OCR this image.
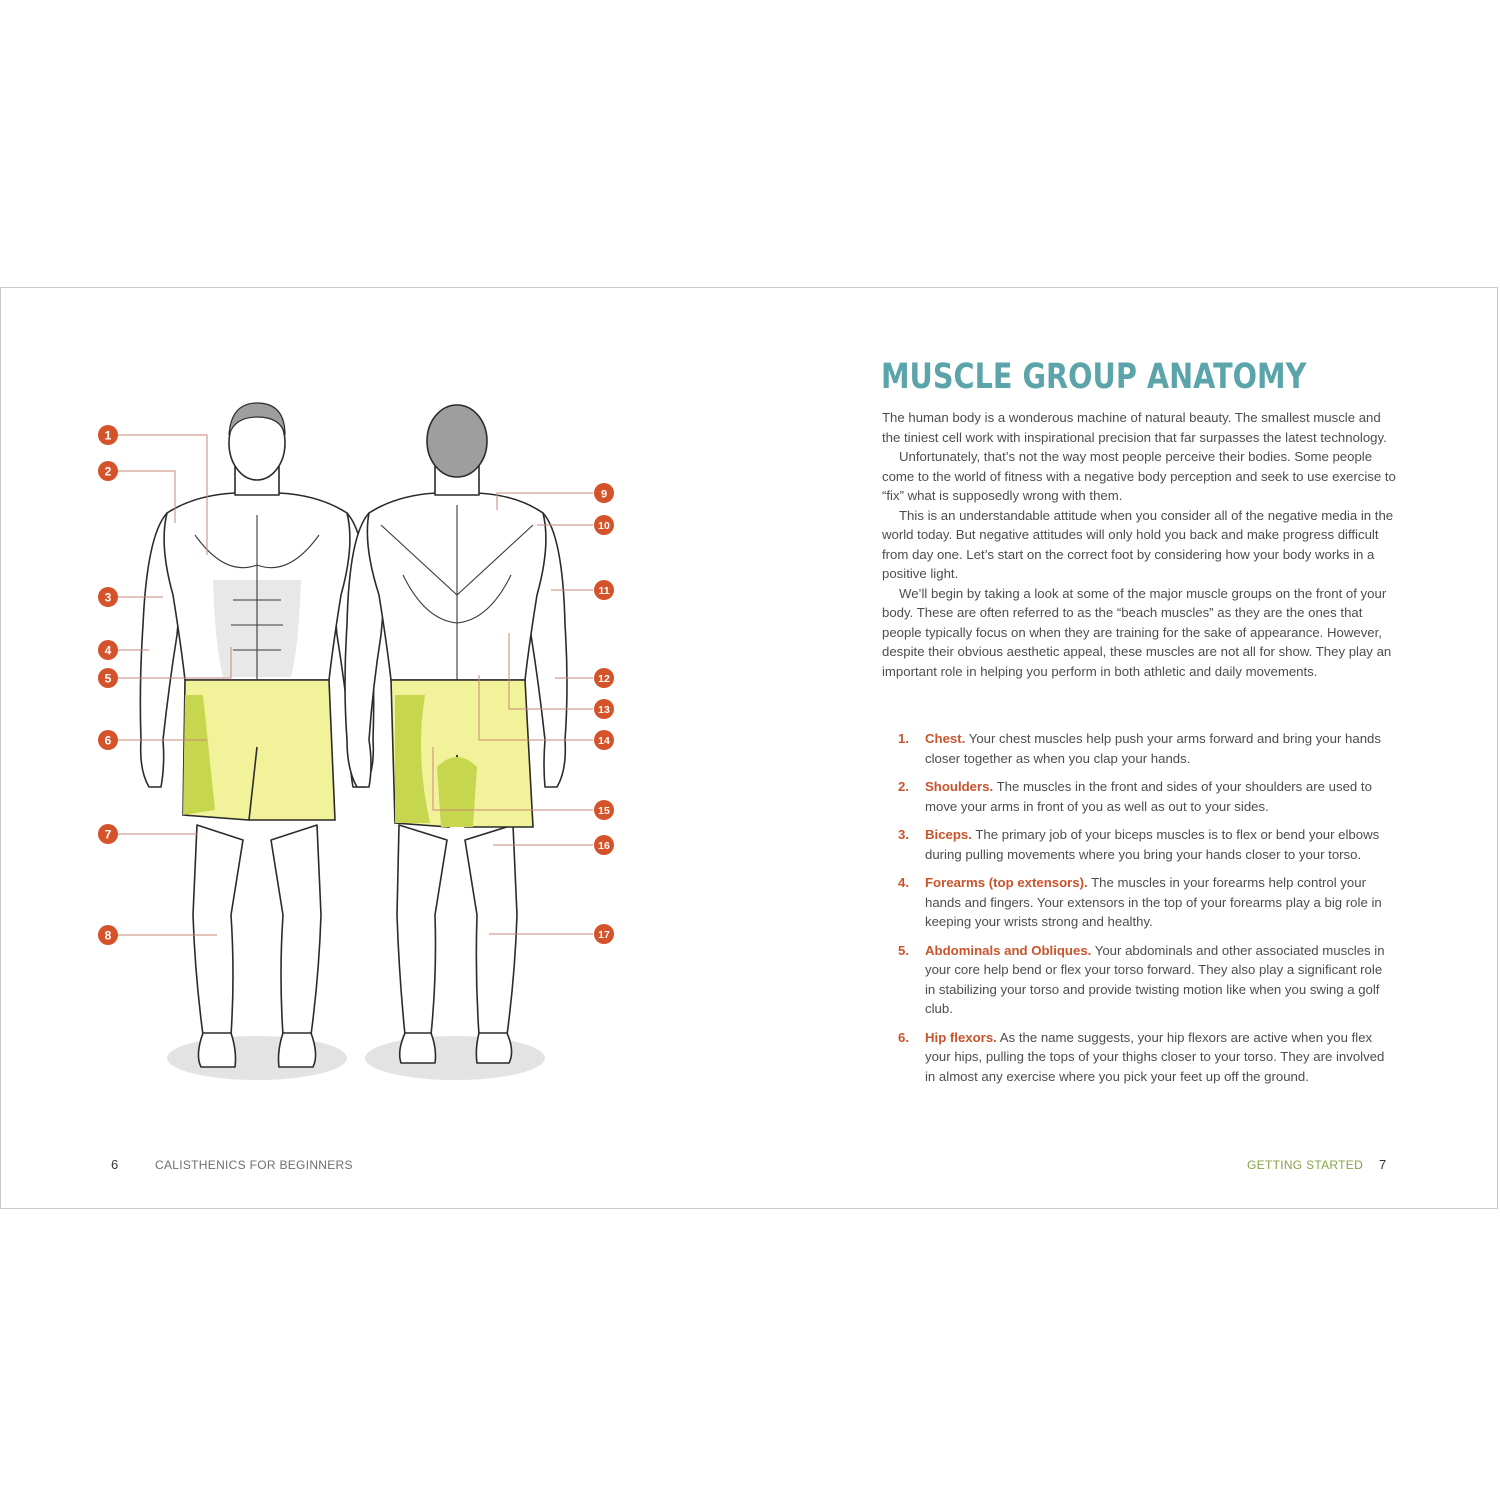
1
2
3
4
5
6
7
8
9
10
11
12
13
14
15
16
17
MUSCLE GROUP ANATOMY

The human body is a wonderous machine of natural beauty. The smallest muscle and the tiniest cell work with inspirational precision that far surpasses the latest technology.

Unfortunately, that’s not the way most people perceive their bodies. Some people come to the world of fitness with a negative body perception and seek to use exercise to “fix” what is supposedly wrong with them.

This is an understandable attitude when you consider all of the negative media in the world today. But negative attitudes will only hold you back and make progress difficult from day one. Let’s start on the correct foot by considering how your body works in a positive light.

We’ll begin by taking a look at some of the major muscle groups on the front of your body. These are often referred to as the “beach muscles” as they are the ones that people typically focus on when they are training for the sake of appearance. However, despite their obvious aesthetic appeal, these muscles are not all for show. They play an important role in helping you perform in both athletic and daily movements.

1. Chest. Your chest muscles help push your arms forward and bring your hands closer together as when you clap your hands.
2. Shoulders. The muscles in the front and sides of your shoulders are used to move your arms in front of you as well as out to your sides.
3. Biceps. The primary job of your biceps muscles is to flex or bend your elbows during pulling movements where you bring your hands closer to your torso.
4. Forearms (top extensors). The muscles in your forearms help control your hands and fingers. Your extensors in the top of your forearms play a big role in keeping your wrists strong and healthy.
5. Abdominals and Obliques. Your abdominals and other associated muscles in your core help bend or flex your torso forward. They also play a significant role in stabilizing your torso and provide twisting motion like when you swing a golf club.
6. Hip flexors. As the name suggests, your hip flexors are active when you flex your hips, pulling the tops of your thighs closer to your torso. They are involved in almost any exercise where you pick your feet up off the ground.
6	CALISTHENICS FOR BEGINNERS	GETTING STARTED 7
